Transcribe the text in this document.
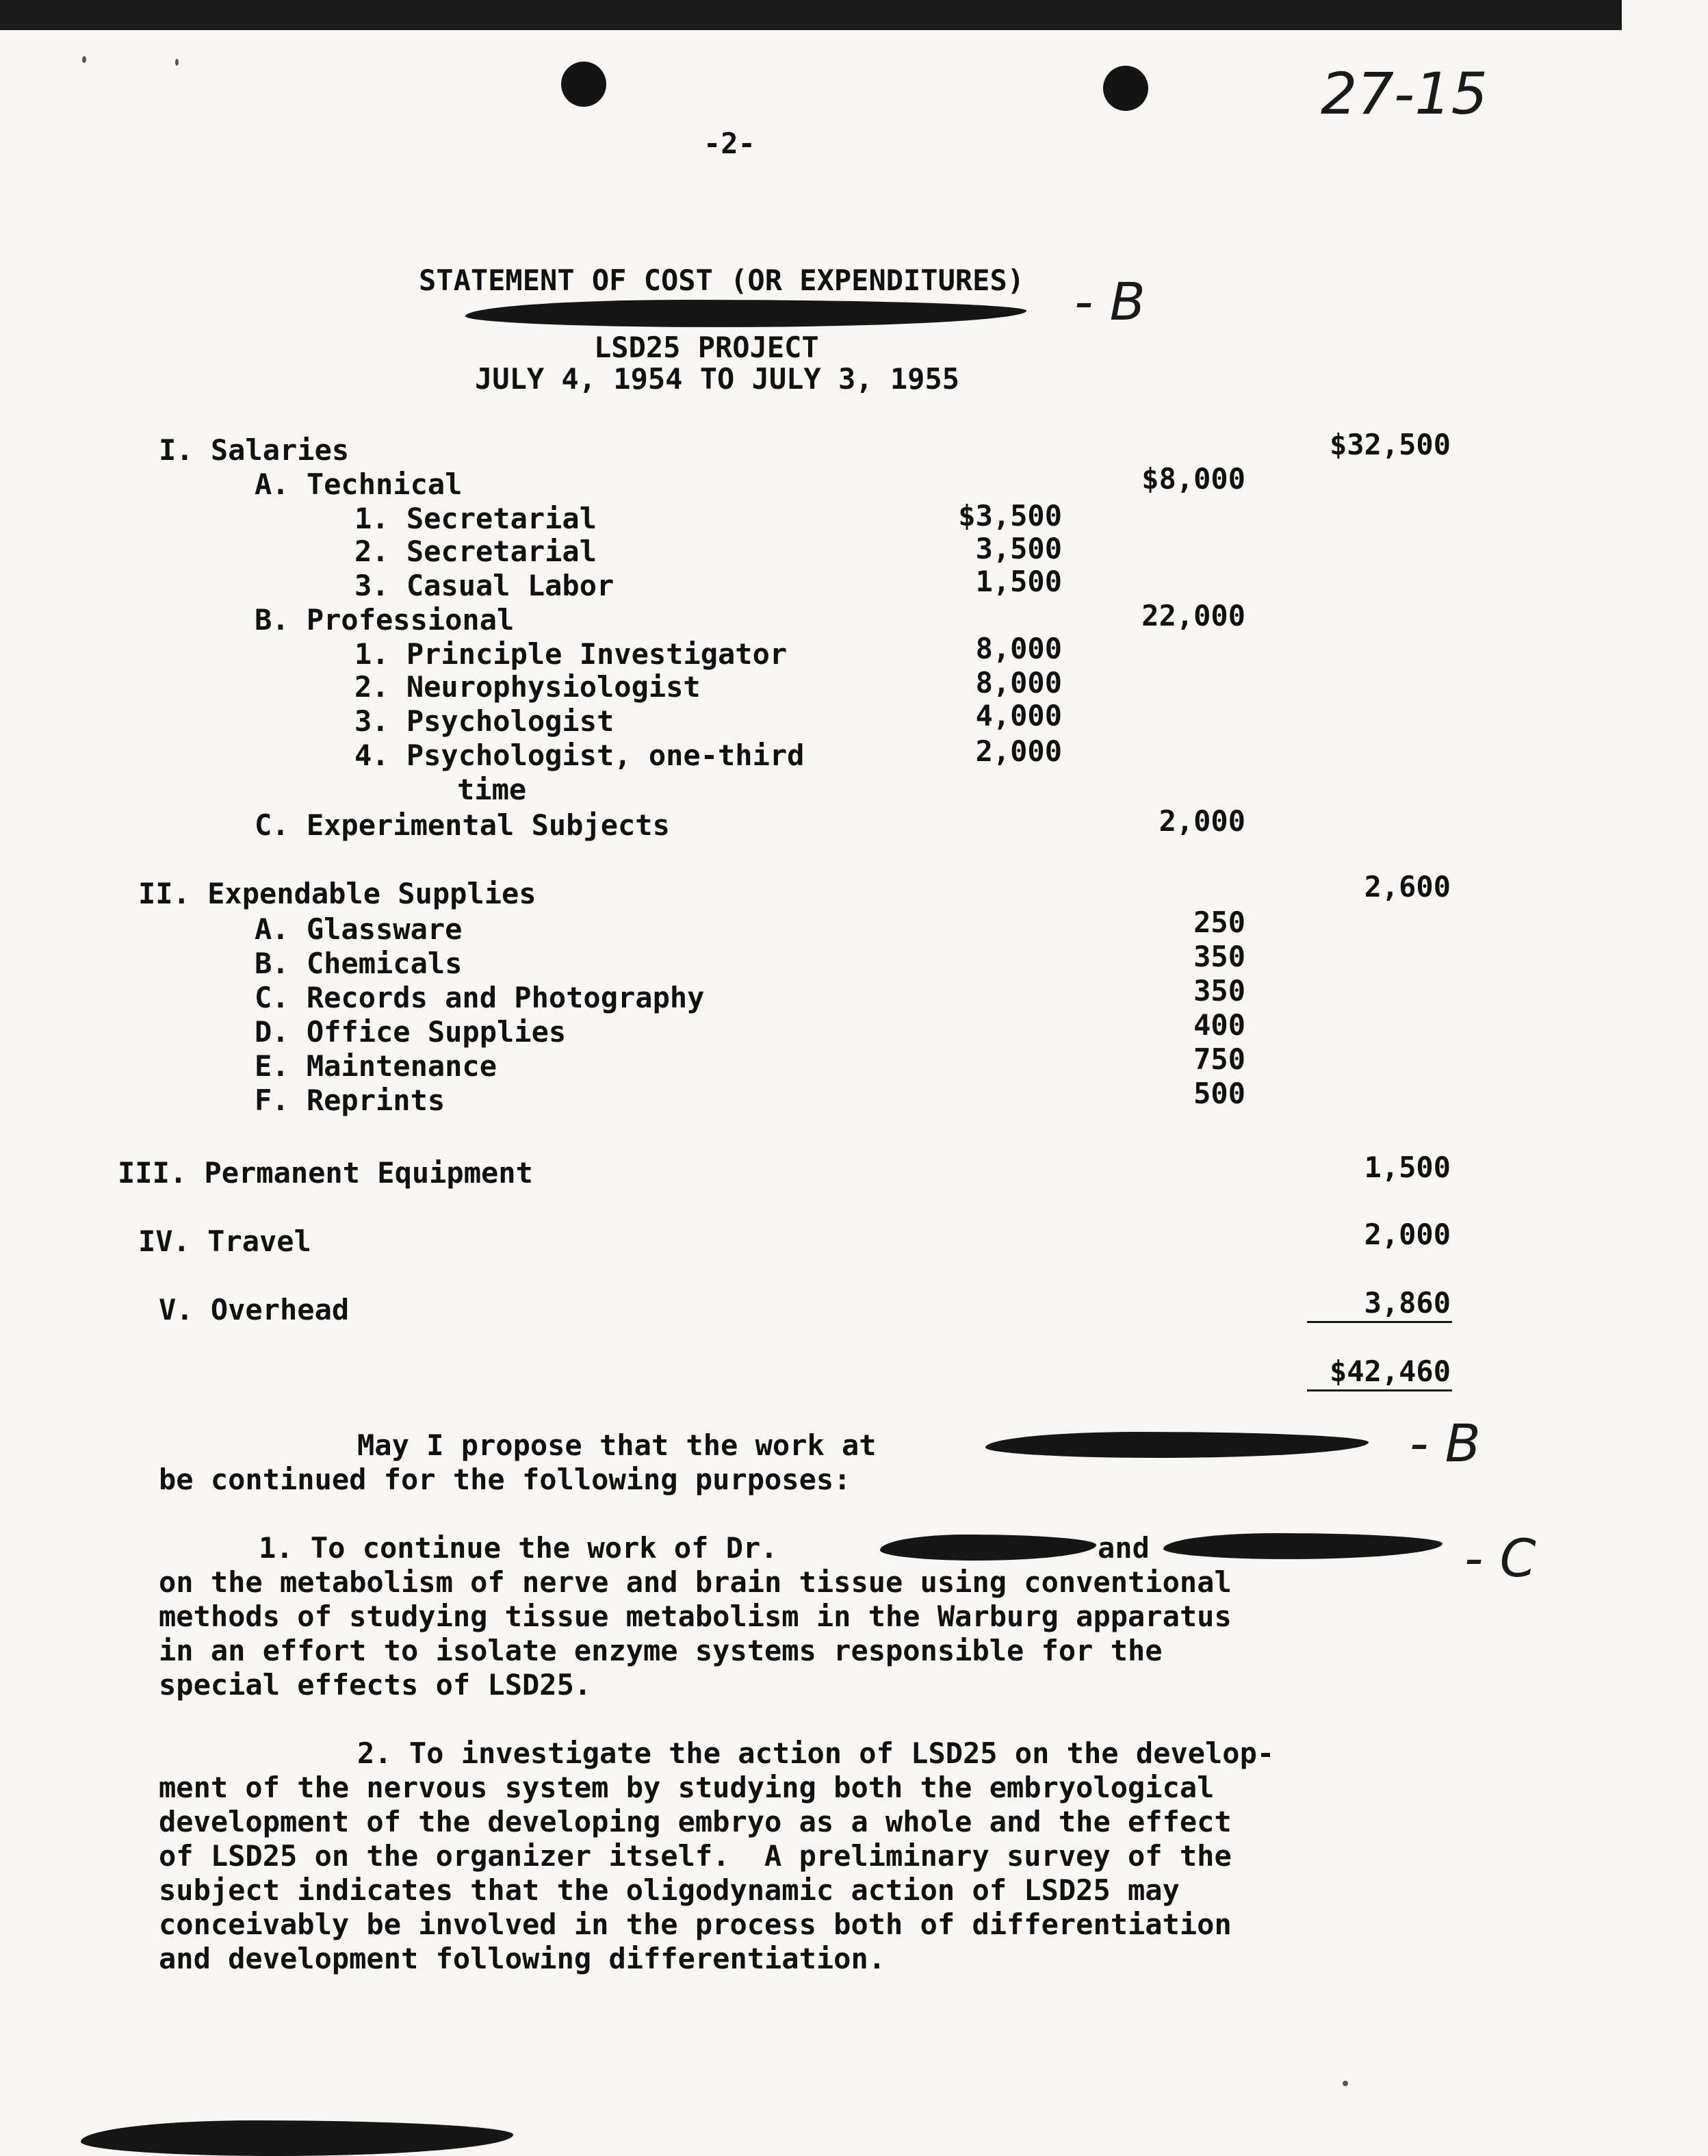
27-15
-2-
STATEMENT OF COST (OR EXPENDITURES) - B
LSD25 PROJECT
JULY 4, 1954 TO JULY 3, 1955
I. Salaries	$32,500
A. Technical	$8,000
1. Secretarial	$3,500
2. Secretarial	3,500
3. Casual Labor	1,500
B. Professional	22,000
1. Principle Investigator	8,000
2. Neurophysiologist	8,000
3. Psychologist	4,000
4. Psychologist, one-third	2,000
time
C. Experimental Subjects	2,000
II. Expendable Supplies	2,600
A. Glassware	250
B. Chemicals	350
C. Records and Photography	350
D. Office Supplies	400
E. Maintenance	750
F. Reprints	500
III. Permanent Equipment	1,500
IV. Travel	2,000
V. Overhead	3,860
$42,460
May I propose that the work at	- B
be continued for the following purposes:
1. To continue the work of Dr.	and	- C
on the metabolism of nerve and brain tissue using conventional
methods of studying tissue metabolism in the Warburg apparatus
in an effort to isolate enzyme systems responsible for the
special effects of LSD25.
2. To investigate the action of LSD25 on the develop-
ment of the nervous system by studying both the embryological
development of the developing embryo as a whole and the effect
of LSD25 on the organizer itself.  A preliminary survey of the
subject indicates that the oligodynamic action of LSD25 may
conceivably be involved in the process both of differentiation
and development following differentiation.
